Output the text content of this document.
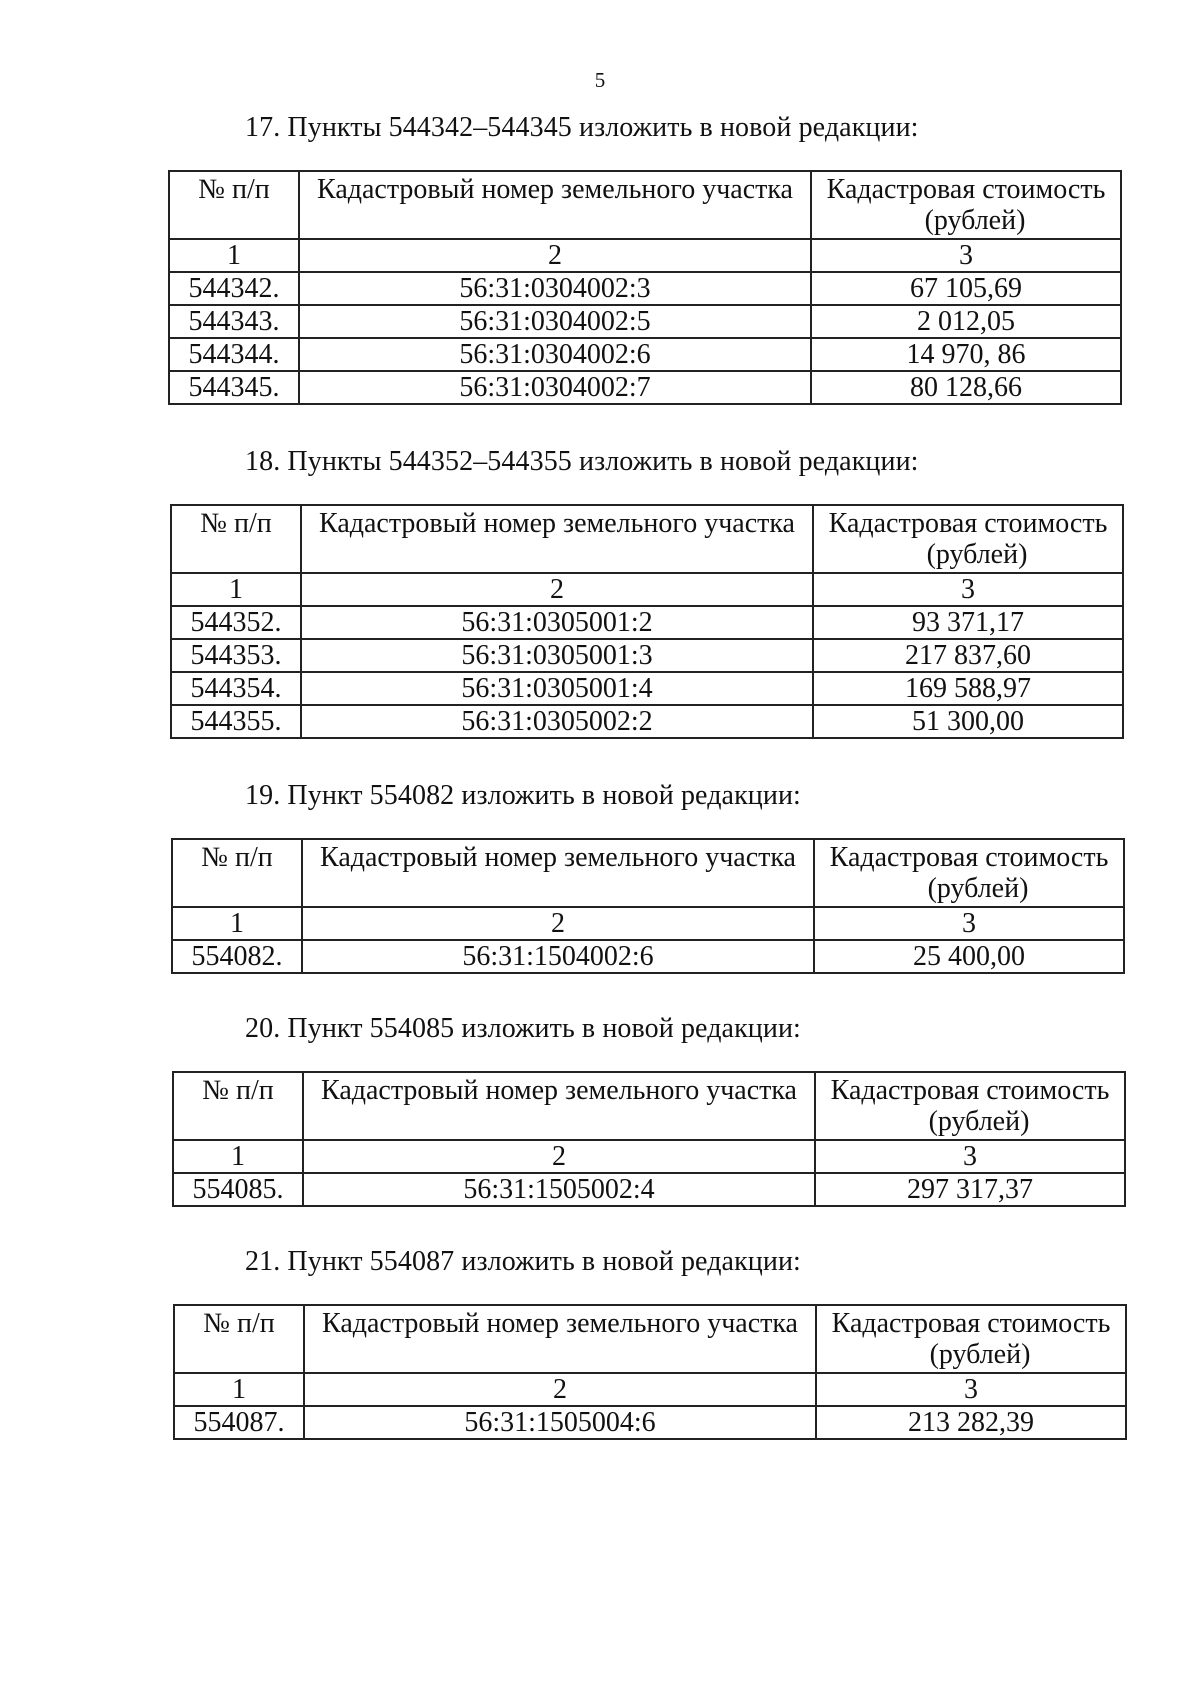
5
17. Пункты 544342–544345 изложить в новой редакции:
№ п/п	Кадастровый номер земельного участка	Кадастровая стоимость
(рублей)

1	2	3
544342.	56:31:0304002:3	67 105,69
544343.	56:31:0304002:5	2 012,05
544344.	56:31:0304002:6	14 970, 86
544345.	56:31:0304002:7	80 128,66
18. Пункты 544352–544355 изложить в новой редакции:
№ п/п	Кадастровый номер земельного участка	Кадастровая стоимость
(рублей)

1	2	3
544352.	56:31:0305001:2	93 371,17
544353.	56:31:0305001:3	217 837,60
544354.	56:31:0305001:4	169 588,97
544355.	56:31:0305002:2	51 300,00
19. Пункт 554082 изложить в новой редакции:
№ п/п	Кадастровый номер земельного участка	Кадастровая стоимость
(рублей)

1	2	3
554082.	56:31:1504002:6	25 400,00
20. Пункт 554085 изложить в новой редакции:
№ п/п	Кадастровый номер земельного участка	Кадастровая стоимость
(рублей)

1	2	3
554085.	56:31:1505002:4	297 317,37
21. Пункт 554087 изложить в новой редакции:
№ п/п	Кадастровый номер земельного участка	Кадастровая стоимость
(рублей)

1	2	3
554087.	56:31:1505004:6	213 282,39
